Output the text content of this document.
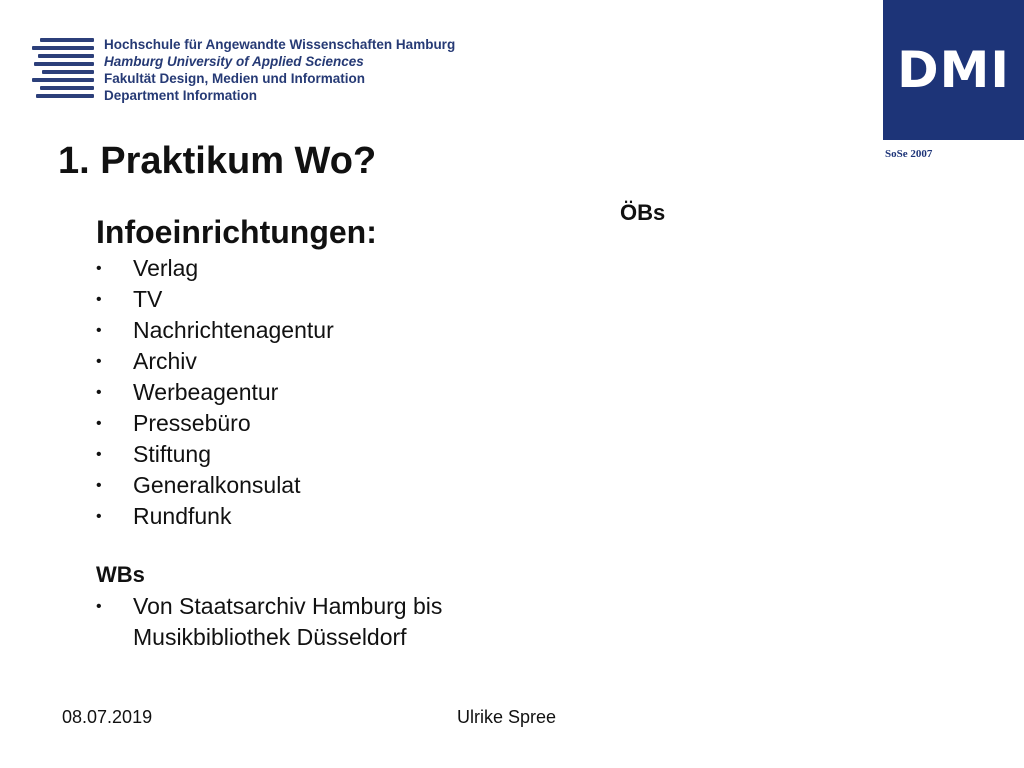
Hochschule für Angewandte Wissenschaften Hamburg
Hamburg University of Applied Sciences
Fakultät Design, Medien und Information
Department Information	DMI
SoSe 2007
1. Praktikum Wo?
ÖBs
Infoeinrichtungen:
• Verlag
• TV
• Nachrichtenagentur
• Archiv
• Werbeagentur
• Pressebüro
• Stiftung
• Generalkonsulat
• Rundfunk
WBs
•	Von Staatsarchiv Hamburg bis
Musikbibliothek Düsseldorf
08.07.2019	Ulrike Spree
